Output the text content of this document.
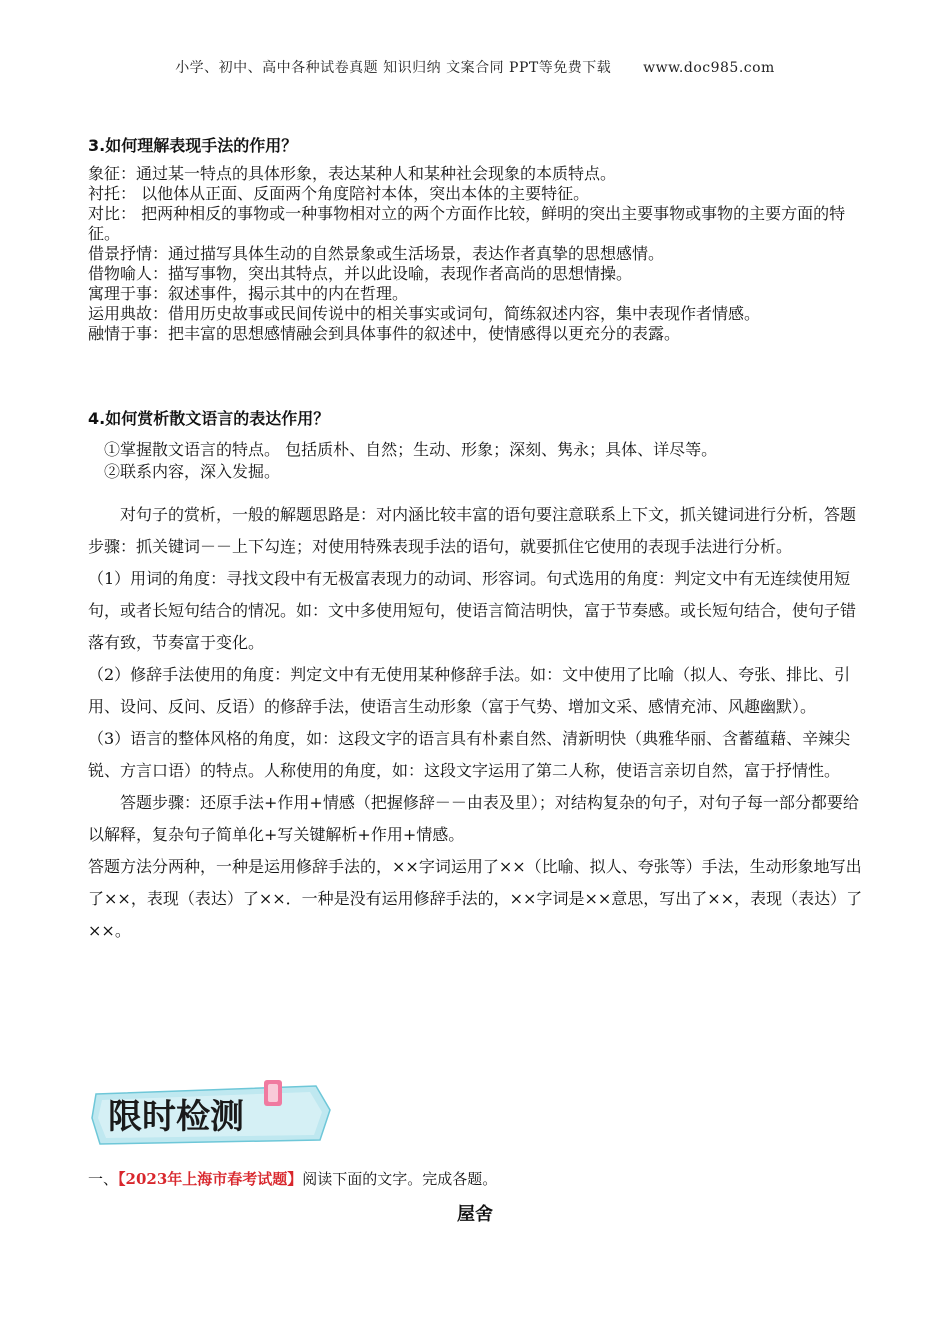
小学、初中、高中各种试卷真题 知识归纳 文案合同 PPT等免费下载 www.doc985.com
3.如何理解表现手法的作用？

象征：通过某一特点的具体形象，表达某种人和某种社会现象的本质特点。

衬托： 以他体从正面、反面两个角度陪衬本体，突出本体的主要特征。

对比： 把两种相反的事物或一种事物相对立的两个方面作比较，鲜明的突出主要事物或事物的主要方面的特征。

借景抒情：通过描写具体生动的自然景象或生活场景，表达作者真挚的思想感情。

借物喻人：描写事物，突出其特点，并以此设喻，表现作者高尚的思想情操。

寓理于事：叙述事件，揭示其中的内在哲理。

运用典故：借用历史故事或民间传说中的相关事实或词句，简练叙述内容，集中表现作者情感。

融情于事：把丰富的思想感情融会到具体事件的叙述中，使情感得以更充分的表露。

4.如何赏析散文语言的表达作用？

①掌握散文语言的特点。 包括质朴、自然；生动、形象；深刻、隽永；具体、详尽等。

②联系内容，深入发掘。

对句子的赏析，一般的解题思路是：对内涵比较丰富的语句要注意联系上下文，抓关键词进行分析，答题步骤：抓关键词－－上下勾连；对使用特殊表现手法的语句，就要抓住它使用的表现手法进行分析。

（1）用词的角度：寻找文段中有无极富表现力的动词、形容词。句式选用的角度：判定文中有无连续使用短句，或者长短句结合的情况。如：文中多使用短句，使语言简洁明快，富于节奏感。或长短句结合，使句子错落有致，节奏富于变化。

（2）修辞手法使用的角度：判定文中有无使用某种修辞手法。如：文中使用了比喻（拟人、夸张、排比、引用、设问、反问、反语）的修辞手法，使语言生动形象（富于气势、增加文采、感情充沛、风趣幽默）。

（3）语言的整体风格的角度，如：这段文字的语言具有朴素自然、清新明快（典雅华丽、含蓄蕴藉、辛辣尖锐、方言口语）的特点。人称使用的角度，如：这段文字运用了第二人称，使语言亲切自然，富于抒情性。

答题步骤：还原手法+作用+情感（把握修辞－－由表及里）；对结构复杂的句子，对句子每一部分都要给以解释，复杂句子简单化+写关键解析+作用+情感。

答题方法分两种，一种是运用修辞手法的，××字词运用了××（比喻、拟人、夸张等）手法，生动形象地写出了××，表现（表达）了××．一种是没有运用修辞手法的，××字词是××意思，写出了××，表现（表达）了××。

限时检测
一、【2023年上海市春考试题】阅读下面的文字。完成各题。
屋舍
